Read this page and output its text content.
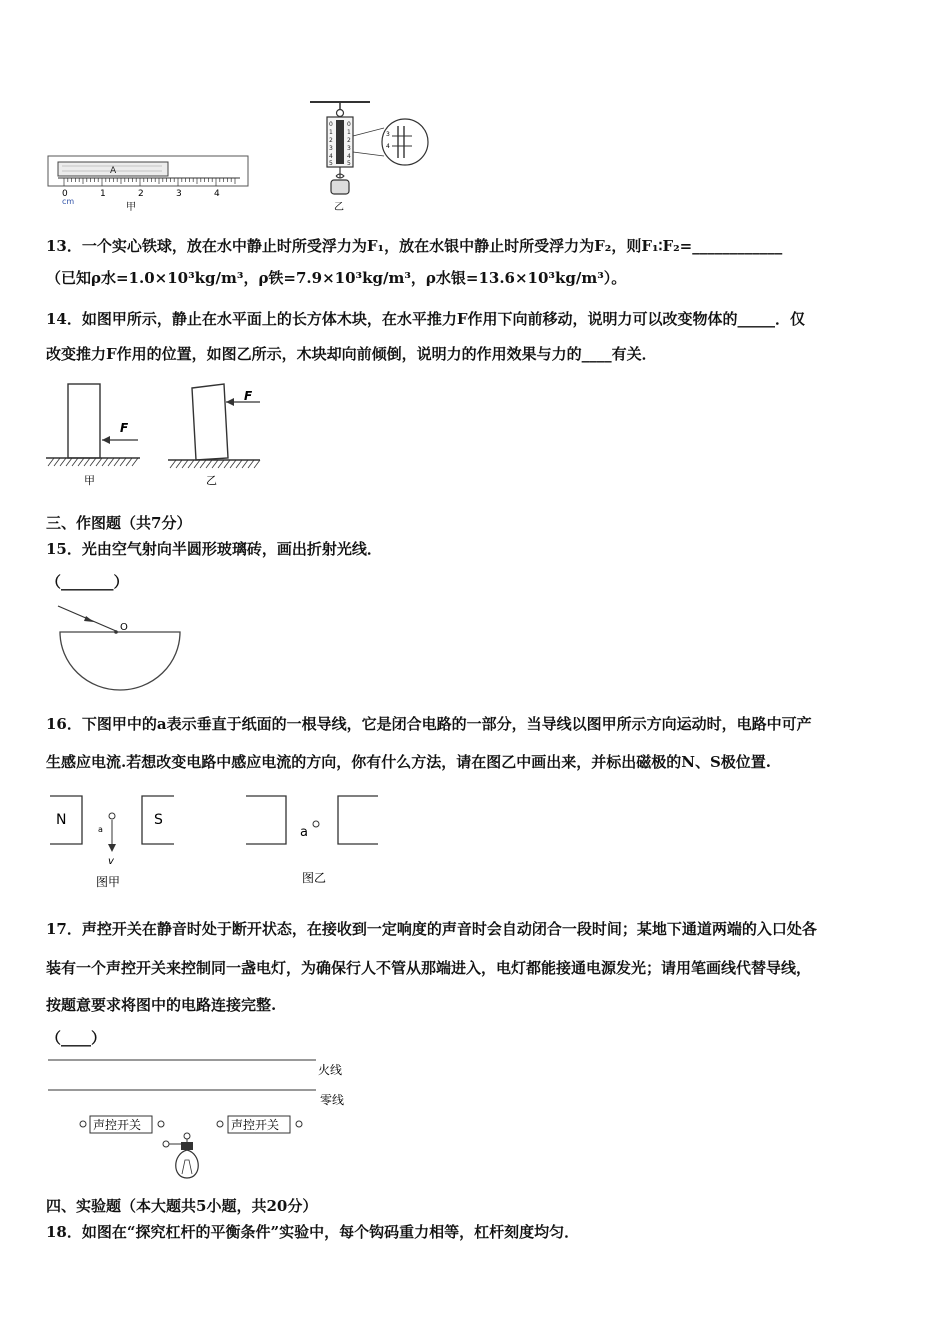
A
0	1	2	3	4
cm
甲
0
1
2
3
4
5
0
1
2
3
4
5
3
4
乙
13．一个实心铁球，放在水中静止时所受浮力为F₁，放在水银中静止时所受浮力为F₂，则F₁∶F₂=____________
（已知ρ水=1.0×10³kg/m³，ρ铁=7.9×10³kg/m³，ρ水银=13.6×10³kg/m³）。
14．如图甲所示，静止在水平面上的长方体木块，在水平推力F作用下向前移动，说明力可以改变物体的_____．仅
改变推力F作用的位置，如图乙所示，木块却向前倾倒，说明力的作用效果与力的____有关．
F
甲
F
乙
三、作图题（共7分）
15．光由空气射向半圆形玻璃砖，画出折射光线．
（_______）
O
16．下图甲中的a表示垂直于纸面的一根导线，它是闭合电路的一部分，当导线以图甲所示方向运动时，电路中可产
生感应电流.若想改变电路中感应电流的方向，你有什么方法，请在图乙中画出来，并标出磁极的N、S极位置.
N	S
a
v
图甲
a
图乙
17．声控开关在静音时处于断开状态，在接收到一定响度的声音时会自动闭合一段时间；某地下通道两端的入口处各
装有一个声控开关来控制同一盏电灯，为确保行人不管从那端进入，电灯都能接通电源发光；请用笔画线代替导线，
按题意要求将图中的电路连接完整.
（____）
火线
零线
声控开关	声控开关
四、实验题（本大题共5小题，共20分）
18．如图在“探究杠杆的平衡条件”实验中，每个钩码重力相等，杠杆刻度均匀．
